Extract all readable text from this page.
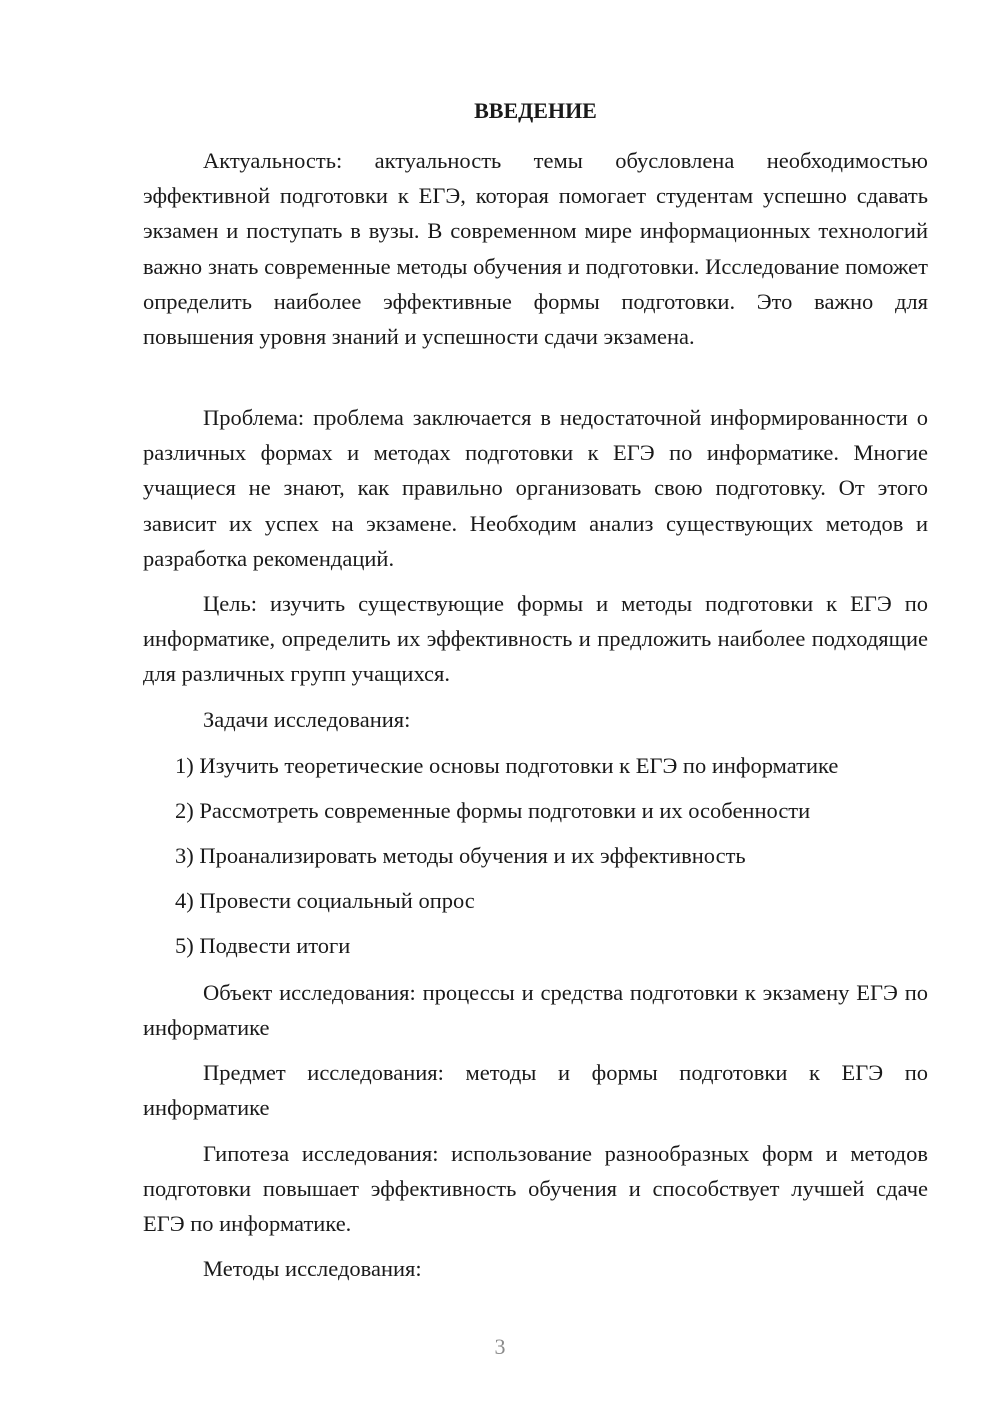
ВВЕДЕНИЕ

Актуальность: актуальность темы обусловлена необходимостью эффективной подготовки к ЕГЭ, которая помогает студентам успешно сдавать экзамен и поступать в вузы. В современном мире информационных технологий важно знать современные методы обучения и подготовки. Исследование поможет определить наиболее эффективные формы подготовки. Это важно для повышения уровня знаний и успешности сдачи экзамена.

Проблема: проблема заключается в недостаточной информированности о различных формах и методах подготовки к ЕГЭ по информатике. Многие учащиеся не знают, как правильно организовать свою подготовку. От этого зависит их успех на экзамене. Необходим анализ существующих методов и разработка рекомендаций.

Цель: изучить существующие формы и методы подготовки к ЕГЭ по информатике, определить их эффективность и предложить наиболее подходящие для различных групп учащихся.

Задачи исследования:

1) Изучить теоретические основы подготовки к ЕГЭ по информатике

2) Рассмотреть современные формы подготовки и их особенности

3) Проанализировать методы обучения и их эффективность

4) Провести социальный опрос

5) Подвести итоги

Объект исследования: процессы и средства подготовки к экзамену ЕГЭ по информатике

Предмет исследования: методы и формы подготовки к ЕГЭ по информатике

Гипотеза исследования: использование разнообразных форм и методов подготовки повышает эффективность обучения и способствует лучшей сдаче ЕГЭ по информатике.

Методы исследования:

3
